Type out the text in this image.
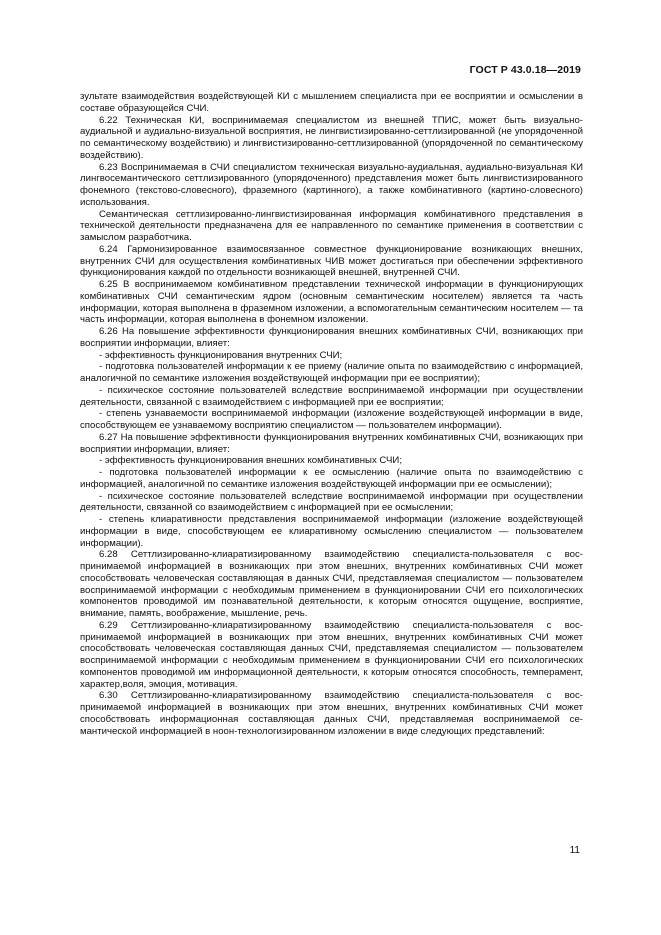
ГОСТ Р 43.0.18—2019

зультате взаимодействия воздействующей КИ с мышлением специалиста при ее восприятии и осмыслении в составе образующейся СЧИ.

6.22 Техническая КИ, воспринимаемая специалистом из внешней ТПИС, может быть визуально-аудиальной и аудиально-визуальной восприятия, не лингвистизированно-сеттлизированной (не упорядоченной по семантическому воздействию) и лингвистизированно-сеттлизированной (упорядоченной по семантическому воздействию).

6.23 Воспринимаемая в СЧИ специалистом техническая визуально-аудиальная, аудиально-визуальная КИ лингвосемантического сеттлизированного (упорядоченного) представления может быть лингвистизированного фонемного (текстово-словесного), фраземного (картинного), а также комбинативного (картино-словесного) использования.

Семантическая сеттлизированно-лингвистизированная информация комбинативного представления в технической деятельности предназначена для ее направленного по семантике применения в соответствии с замыслом разработчика.

6.24 Гармонизированное взаимосвязанное совместное функционирование возникающих внешних, внутренних СЧИ для осуществления комбинативных ЧИВ может достигаться при обеспечении эффективного функционирования каждой по отдельности возникающей внешней, внутренней СЧИ.

6.25 В воспринимаемом комбинативном представлении технической информации в функционирующих комбинативных СЧИ семантическим ядром (основным семантическим носителем) является та часть информации, которая выполнена в фраземном изложении, а вспомогательным семантическим носителем — та часть информации, которая выполнена в фонемном изложении.

6.26 На повышение эффективности функционирования внешних комбинативных СЧИ, возникающих при восприятии информации, влияет:

- эффективность функционирования внутренних СЧИ;

- подготовка пользователей информации к ее приему (наличие опыта по взаимодействию с информацией, аналогичной по семантике изложения воздействующей информации при ее восприятии);

- психическое состояние пользователей вследствие воспринимаемой информации при осуществлении деятельности, связанной с взаимодействием с информацией при ее восприятии;

- степень узнаваемости воспринимаемой информации (изложение воздействующей информации в виде, способствующем ее узнаваемому восприятию специалистом — пользователем информации).

6.27 На повышение эффективности функционирования внутренних комбинативных СЧИ, возникающих при восприятии информации, влияет:

- эффективность функционирования внешних комбинативных СЧИ;

- подготовка пользователей информации к ее осмыслению (наличие опыта по взаимодействию с информацией, аналогичной по семантике изложения воздействующей информации при ее осмыслении);

- психическое состояние пользователей вследствие воспринимаемой информации при осуществлении деятельности, связанной со взаимодействием с информацией при ее осмыслении;

- степень клиаративности представления воспринимаемой информации (изложение воздействующей информации в виде, способствующем ее клиаративному осмыслению специалистом — пользователем информации).

6.28 Сеттлизированно-клиаратизированному взаимодействию специалиста-пользователя с воспринимаемой информацией в возникающих при этом внешних, внутренних комбинативных СЧИ может способствовать человеческая составляющая в данных СЧИ, представляемая специалистом — пользователем воспринимаемой информации с необходимым применением в функционировании СЧИ его психологических компонентов проводимой им познавательной деятельности, к которым относятся ощущение, восприятие, внимание, память, воображение, мышление, речь.

6.29 Сеттлизированно-клиаратизированному взаимодействию специалиста-пользователя с воспринимаемой информацией в возникающих при этом внешних, внутренних комбинативных СЧИ может способствовать человеческая составляющая данных СЧИ, представляемая специалистом — пользователем воспринимаемой информации с необходимым применением в функционировании СЧИ его психологических компонентов проводимой им информационной деятельности, к которым относятся способность, темперамент, характер,воля, эмоция, мотивация.

6.30 Сеттлизированно-клиаратизированному взаимодействию специалиста-пользователя с воспринимаемой информацией в возникающих при этом внешних, внутренних комбинативных СЧИ может способствовать информационная составляющая данных СЧИ, представляемая воспринимаемой семантической информацией в ноон-технологизированном изложении в виде следующих представлений:

11
